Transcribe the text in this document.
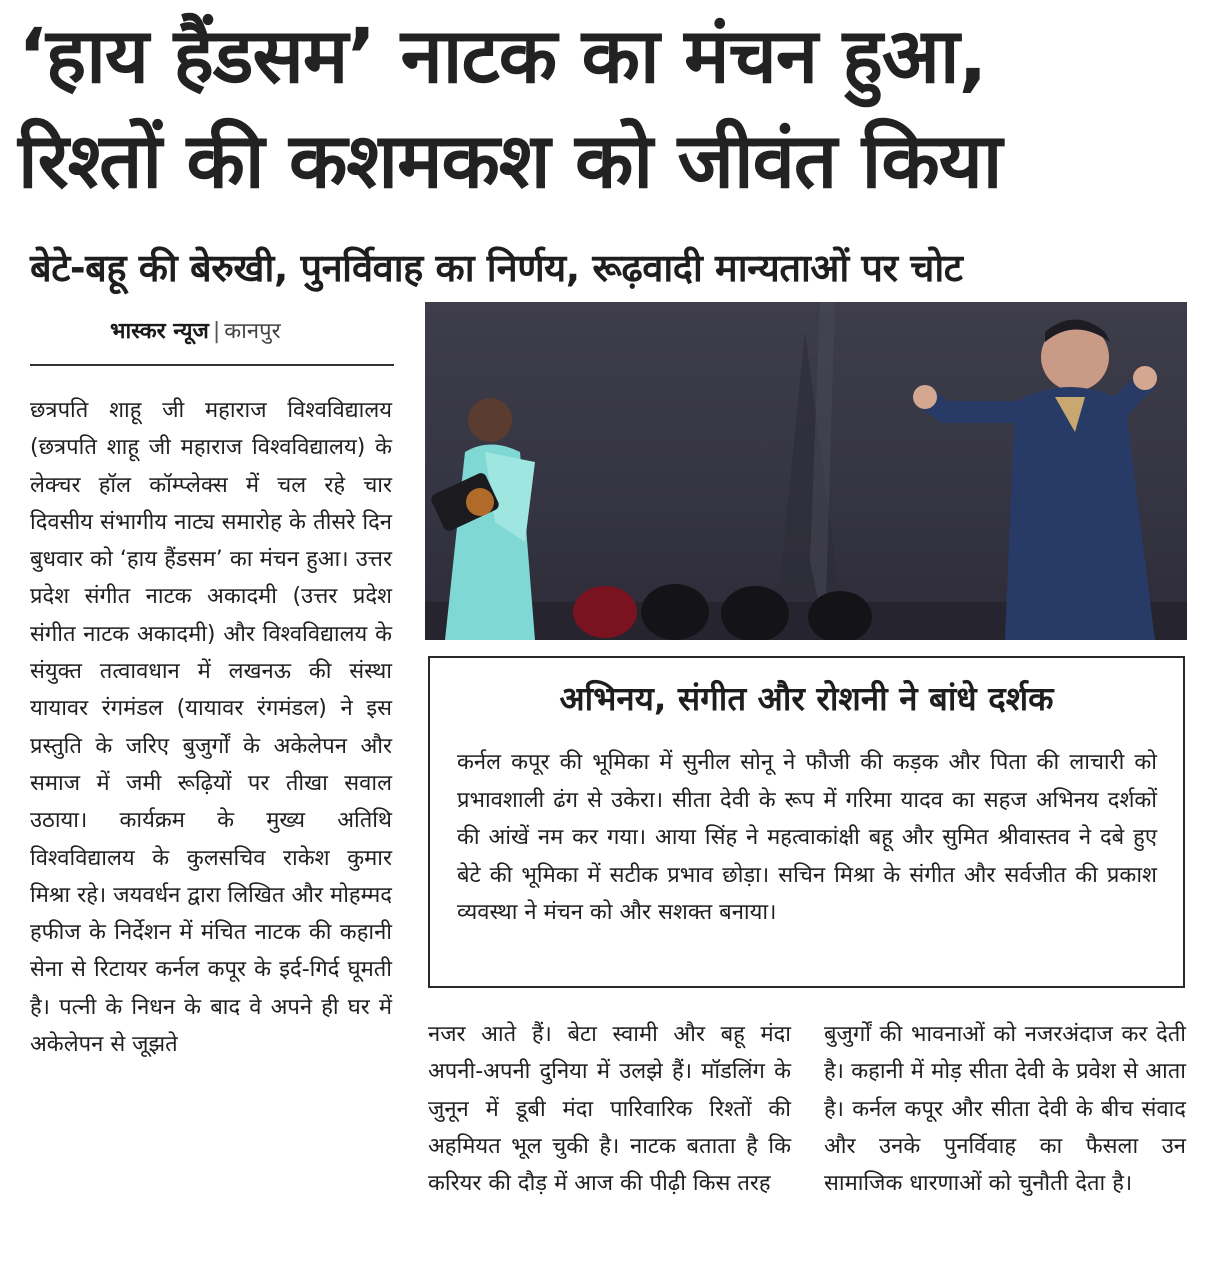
‘हाय हैंडसम’ नाटक का मंचन हुआ,
रिश्तों की कशमकश को जीवंत किया
बेटे-बहू की बेरुखी, पुनर्विवाह का निर्णय, रूढ़वादी मान्यताओं पर चोट
भास्कर न्यूज | कानपुर
छत्रपति शाहू जी महाराज विश्वविद्यालय (छत्रपति शाहू जी महाराज विश्वविद्यालय) के लेक्चर हॉल कॉम्प्लेक्स में चल रहे चार दिवसीय संभागीय नाट्य समारोह के तीसरे दिन बुधवार को ‘हाय हैंडसम’ का मंचन हुआ। उत्तर प्रदेश संगीत नाटक अकादमी (उत्तर प्रदेश संगीत नाटक अकादमी) और विश्वविद्यालय के संयुक्त तत्वावधान में लखनऊ की संस्था यायावर रंगमंडल (यायावर रंगमंडल) ने इस प्रस्तुति के जरिए बुजुर्गों के अकेलेपन और समाज में जमी रूढ़ियों पर तीखा सवाल उठाया। कार्यक्रम के मुख्य अतिथि विश्वविद्यालय के कुलसचिव राकेश कुमार मिश्रा रहे। जयवर्धन द्वारा लिखित और मोहम्मद हफीज के निर्देशन में मंचित नाटक की कहानी सेना से रिटायर कर्नल कपूर के इर्द-गिर्द घूमती है। पत्नी के निधन के बाद वे अपने ही घर में अकेलेपन से जूझते
अभिनय, संगीत और रोशनी ने बांधे दर्शक
कर्नल कपूर की भूमिका में सुनील सोनू ने फौजी की कड़क और पिता की लाचारी को प्रभावशाली ढंग से उकेरा। सीता देवी के रूप में गरिमा यादव का सहज अभिनय दर्शकों की आंखें नम कर गया। आया सिंह ने महत्वाकांक्षी बहू और सुमित श्रीवास्तव ने दबे हुए बेटे की भूमिका में सटीक प्रभाव छोड़ा। सचिन मिश्रा के संगीत और सर्वजीत की प्रकाश व्यवस्था ने मंचन को और सशक्त बनाया।
नजर आते हैं। बेटा स्वामी और बहू मंदा अपनी-अपनी दुनिया में उलझे हैं। मॉडलिंग के जुनून में डूबी मंदा पारिवारिक रिश्तों की अहमियत भूल चुकी है। नाटक बताता है कि करियर की दौड़ में आज की पीढ़ी किस तरह
बुजुर्गों की भावनाओं को नजरअंदाज कर देती है। कहानी में मोड़ सीता देवी के प्रवेश से आता है। कर्नल कपूर और सीता देवी के बीच संवाद और उनके पुनर्विवाह का फैसला उन सामाजिक धारणाओं को चुनौती देता है।
